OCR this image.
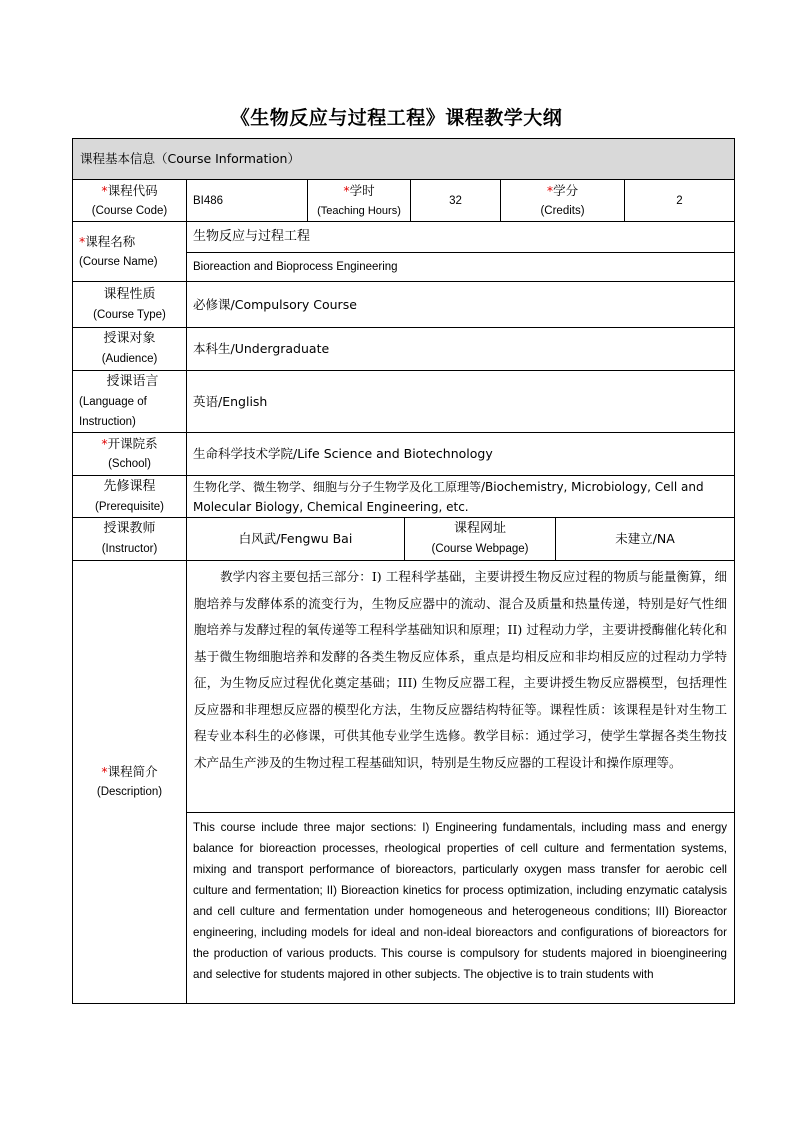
《生物反应与过程工程》课程教学大纲
课程基本信息（Course Information）
*课程代码
(Course Code)
BI486
*学时
(Teaching Hours)
32
*学分
(Credits)
2
*课程名称
(Course Name)
生物反应与过程工程
Bioreaction and Bioprocess Engineering
课程性质
(Course Type)
必修课/Compulsory Course
授课对象
(Audience)
本科生/Undergraduate
授课语言
(Language of
Instruction)
英语/English
*开课院系
(School)
生命科学技术学院/Life Science and Biotechnology
先修课程
(Prerequisite)
生物化学、微生物学、细胞与分子生物学及化工原理等/Biochemistry, Microbiology, Cell and Molecular Biology, Chemical Engineering, etc.
授课教师
(Instructor)
白风武/Fengwu Bai
课程网址
(Course Webpage)
未建立/NA
*课程简介
(Description)
教学内容主要包括三部分：I) 工程科学基础，主要讲授生物反应过程的物质与能量衡算，细胞培养与发酵体系的流变行为，生物反应器中的流动、混合及质量和热量传递，特别是好气性细胞培养与发酵过程的氧传递等工程科学基础知识和原理；II) 过程动力学，主要讲授酶催化转化和基于微生物细胞培养和发酵的各类生物反应体系，重点是均相反应和非均相反应的过程动力学特征，为生物反应过程优化奠定基础；III) 生物反应器工程，主要讲授生物反应器模型，包括理性反应器和非理想反应器的模型化方法，生物反应器结构特征等。课程性质：该课程是针对生物工程专业本科生的必修课，可供其他专业学生选修。教学目标：通过学习，使学生掌握各类生物技术产品生产涉及的生物过程工程基础知识，特别是生物反应器的工程设计和操作原理等。
This course include three major sections: I) Engineering fundamentals, including mass and energy balance for bioreaction processes, rheological properties of cell culture and fermentation systems, mixing and transport performance of bioreactors, particularly oxygen mass transfer for aerobic cell culture and fermentation; II) Bioreaction kinetics for process optimization, including enzymatic catalysis and cell culture and fermentation under homogeneous and heterogeneous conditions; III) Bioreactor engineering, including models for ideal and non-ideal bioreactors and configurations of bioreactors for the production of various products. This course is compulsory for students majored in bioengineering and selective for students majored in other subjects. The objective is to train students with
